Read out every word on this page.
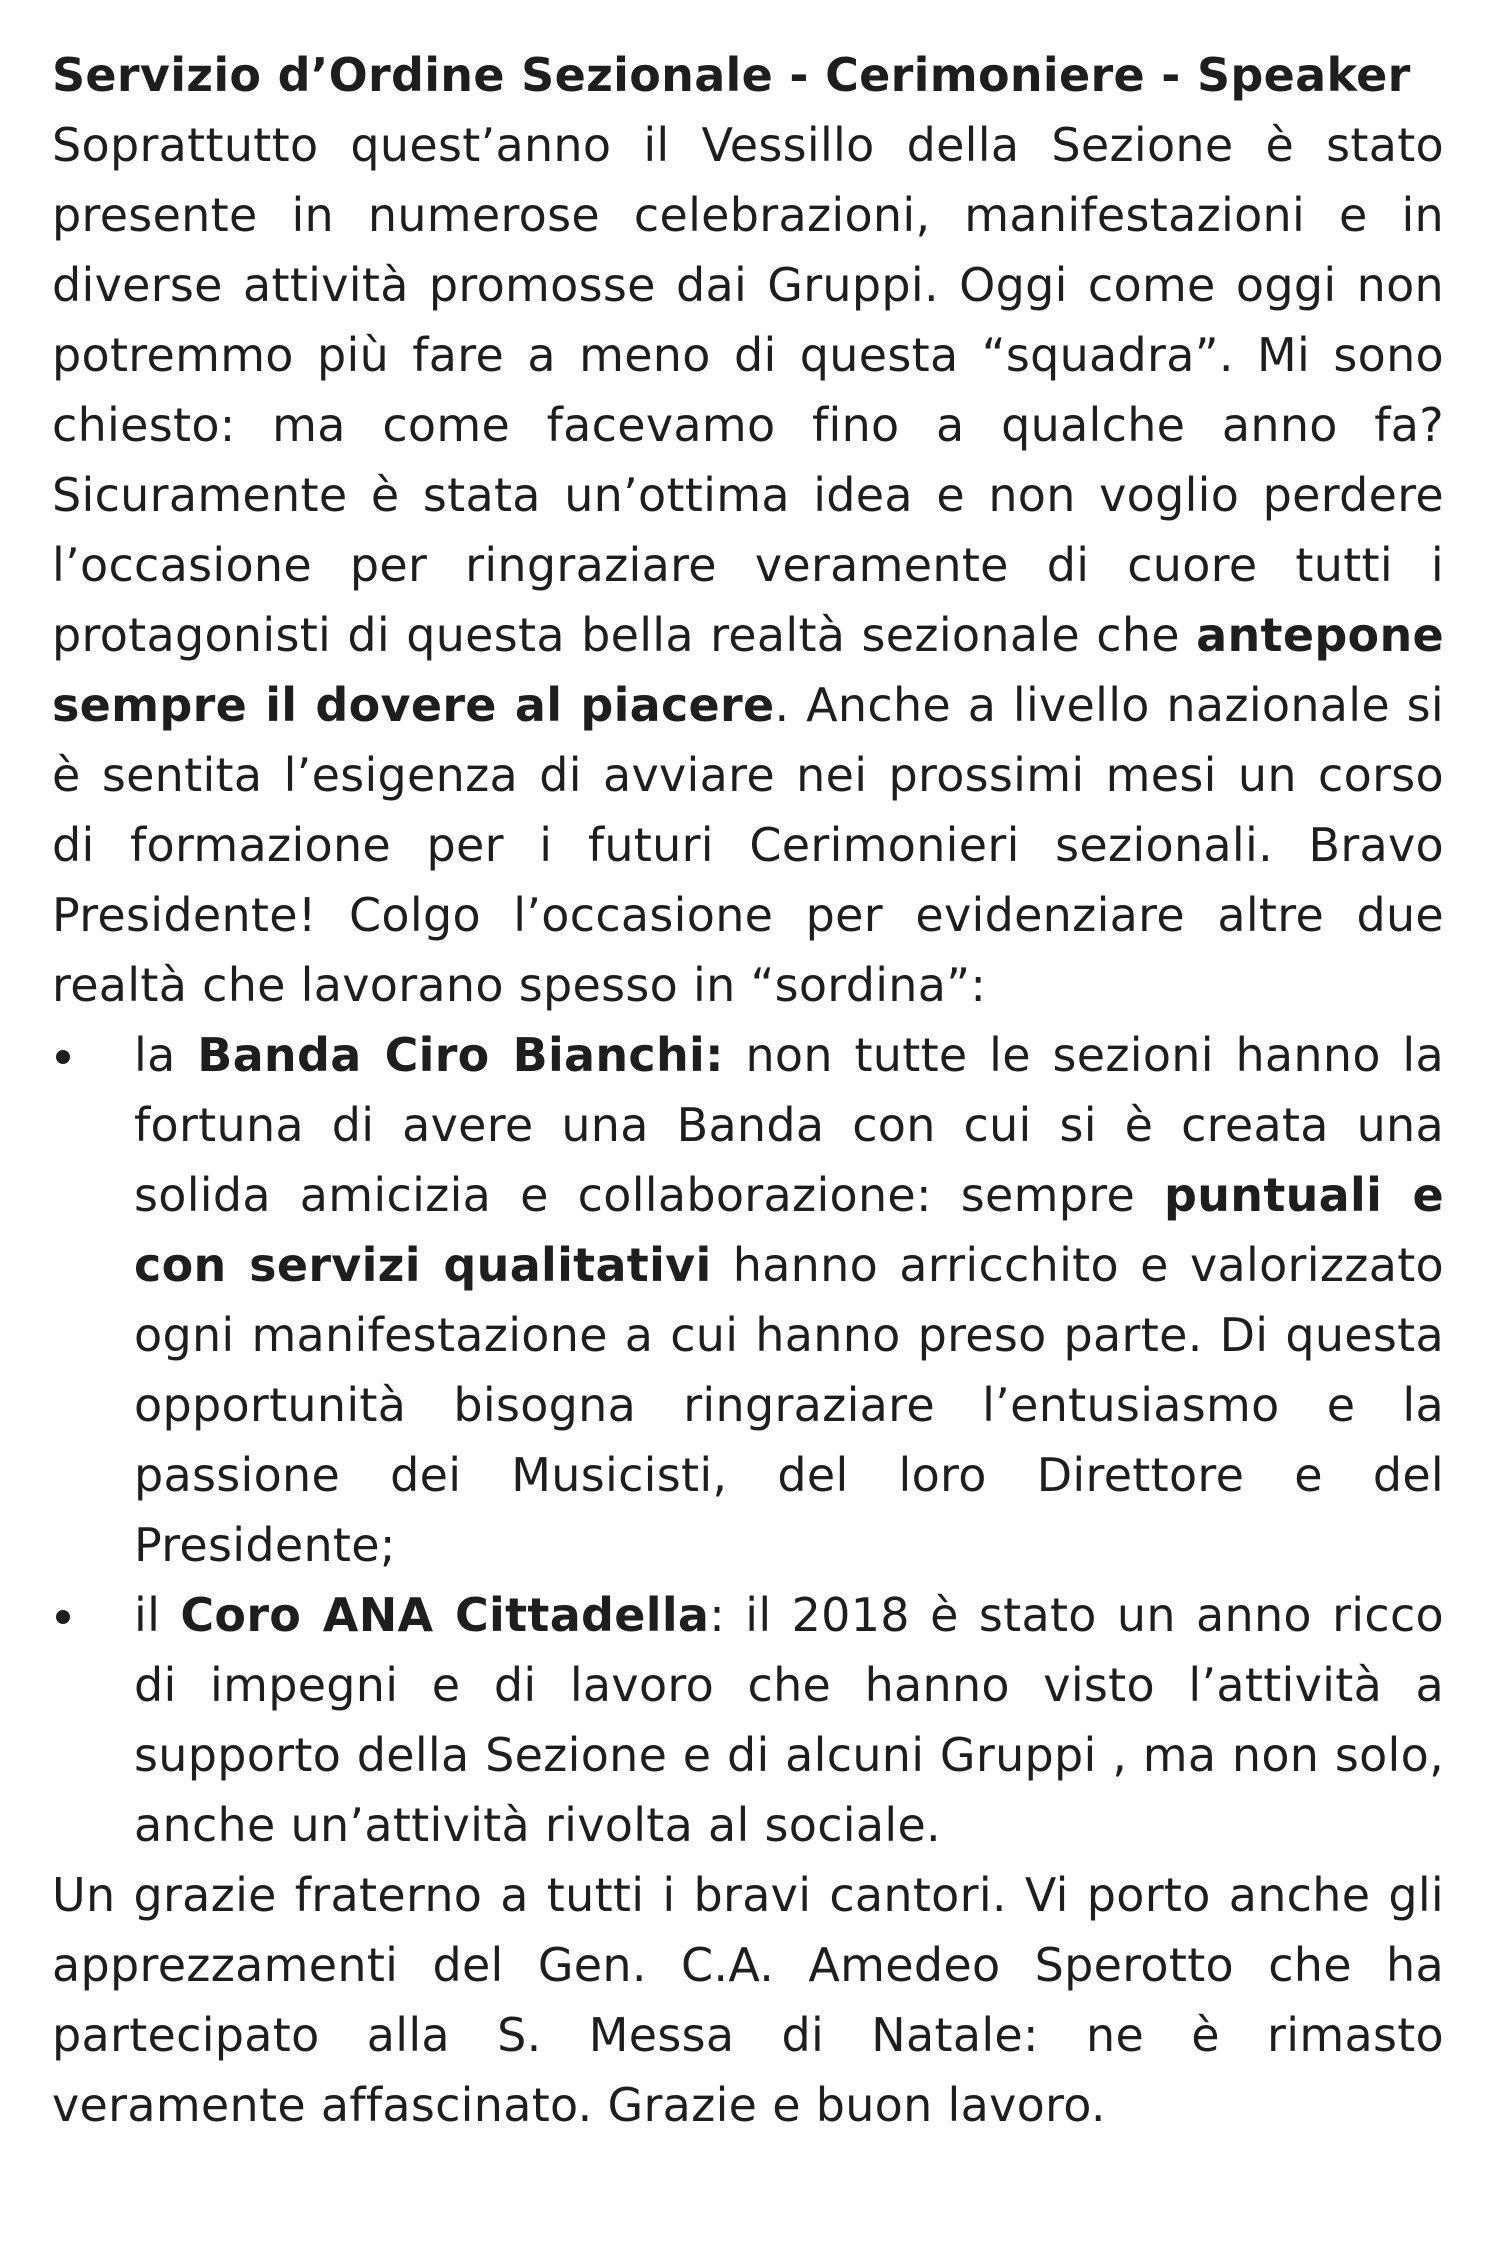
Servizio d’Ordine Sezionale - Cerimoniere - Speaker

Soprattutto quest’anno il Vessillo della Sezione è stato presente in numerose celebrazioni, manifestazioni e in diverse attività promosse dai Gruppi. Oggi come oggi non potremmo più fare a meno di questa “squadra”. Mi sono chiesto: ma come facevamo fino a qualche anno fa? Sicuramente è stata un’ottima idea e non voglio perdere l’occasione per ringraziare veramente di cuore tutti i protagonisti di questa bella realtà sezionale che antepone sempre il dovere al piacere. Anche a livello nazionale si è sentita l’esigenza di avviare nei prossimi mesi un corso di formazione per i futuri Cerimonieri sezionali. Bravo Presidente! Colgo l’occasione per evidenziare altre due realtà che lavorano spesso in “sordina”:

la Banda Ciro Bianchi: non tutte le sezioni hanno la fortuna di avere una Banda con cui si è creata una solida amicizia e collaborazione: sempre puntuali e con servizi qualitativi hanno arricchito e valorizzato ogni manifestazione a cui hanno preso parte. Di questa opportunità bisogna ringraziare l’entusiasmo e la passione dei Musicisti, del loro Direttore e del Presidente;
il Coro ANA Cittadella: il 2018 è stato un anno ricco di impegni e di lavoro che hanno visto l’attività a supporto della Sezione e di alcuni Gruppi , ma non solo, anche un’attività rivolta al sociale.

Un grazie fraterno a tutti i bravi cantori. Vi porto anche gli apprezzamenti del Gen. C.A. Amedeo Sperotto che ha partecipato alla S. Messa di Natale: ne è rimasto veramente affascinato. Grazie e buon lavoro.
